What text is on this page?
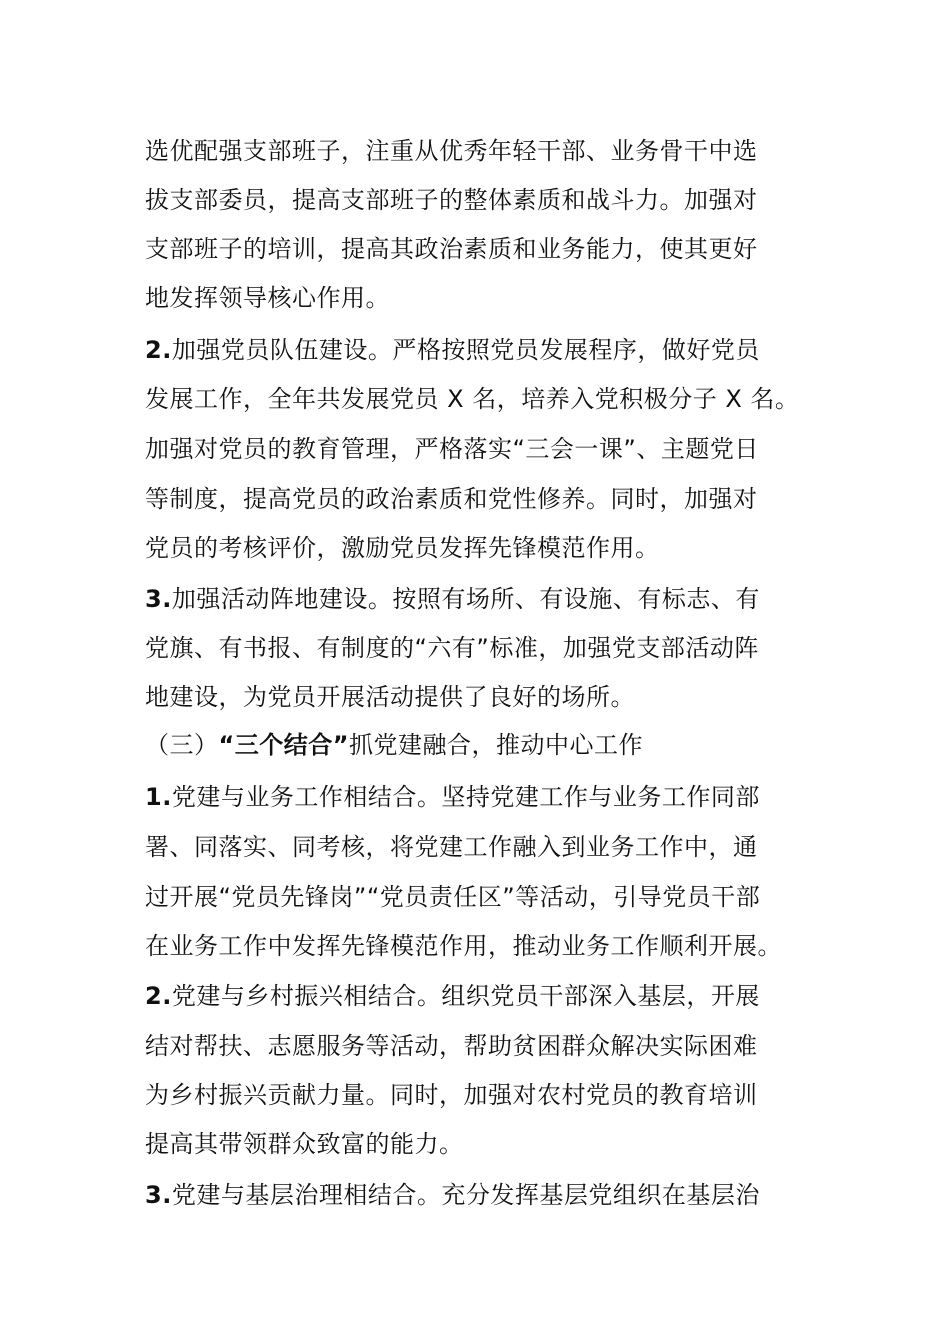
选优配强支部班子，注重从优秀年轻干部、业务骨干中选
拔支部委员，提高支部班子的整体素质和战斗力。加强对
支部班子的培训，提高其政治素质和业务能力，使其更好
地发挥领导核心作用。
2.加强党员队伍建设。严格按照党员发展程序，做好党员
发展工作，全年共发展党员 X 名，培养入党积极分子 X 名。
加强对党员的教育管理，严格落实“三会一课”、主题党日
等制度，提高党员的政治素质和党性修养。同时，加强对
党员的考核评价，激励党员发挥先锋模范作用。
3.加强活动阵地建设。按照有场所、有设施、有标志、有
党旗、有书报、有制度的“六有”标准，加强党支部活动阵
地建设，为党员开展活动提供了良好的场所。
（三）“三个结合”抓党建融合，推动中心工作
1.党建与业务工作相结合。坚持党建工作与业务工作同部
署、同落实、同考核，将党建工作融入到业务工作中，通
过开展“党员先锋岗”“党员责任区”等活动，引导党员干部
在业务工作中发挥先锋模范作用，推动业务工作顺利开展。
2.党建与乡村振兴相结合。组织党员干部深入基层，开展
结对帮扶、志愿服务等活动，帮助贫困群众解决实际困难
为乡村振兴贡献力量。同时，加强对农村党员的教育培训
提高其带领群众致富的能力。
3.党建与基层治理相结合。充分发挥基层党组织在基层治
